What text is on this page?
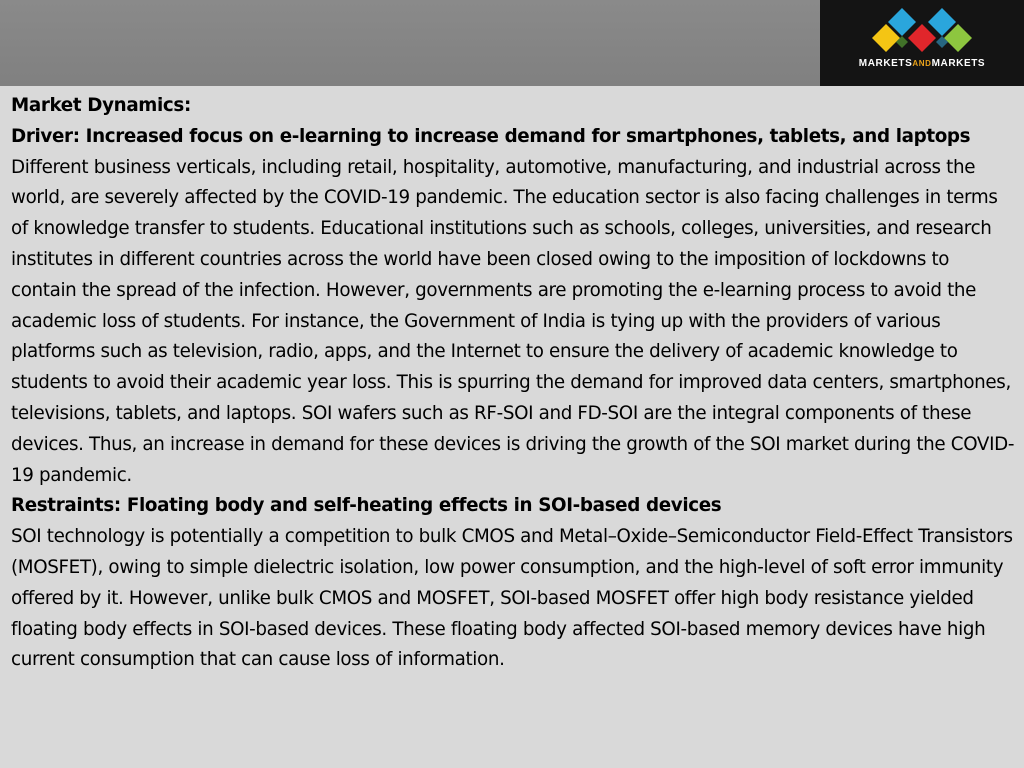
MARKETSANDMARKETS

Market Dynamics:

Driver: Increased focus on e-learning to increase demand for smartphones, tablets, and laptops

Different business verticals, including retail, hospitality, automotive, manufacturing, and industrial across the world, are severely affected by the COVID-19 pandemic. The education sector is also facing challenges in terms of knowledge transfer to students. Educational institutions such as schools, colleges, universities, and research institutes in different countries across the world have been closed owing to the imposition of lockdowns to contain the spread of the infection. However, governments are promoting the e-learning process to avoid the academic loss of students. For instance, the Government of India is tying up with the providers of various platforms such as television, radio, apps, and the Internet to ensure the delivery of academic knowledge to students to avoid their academic year loss. This is spurring the demand for improved data centers, smartphones, televisions, tablets, and laptops. SOI wafers such as RF-SOI and FD-SOI are the integral components of these devices. Thus, an increase in demand for these devices is driving the growth of the SOI market during the COVID-19 pandemic.

Restraints: Floating body and self-heating effects in SOI-based devices

SOI technology is potentially a competition to bulk CMOS and Metal–Oxide–Semiconductor Field-Effect Transistors (MOSFET), owing to simple dielectric isolation, low power consumption, and the high-level of soft error immunity offered by it. However, unlike bulk CMOS and MOSFET, SOI-based MOSFET offer high body resistance yielded floating body effects in SOI-based devices. These floating body affected SOI-based memory devices have high current consumption that can cause loss of information.
